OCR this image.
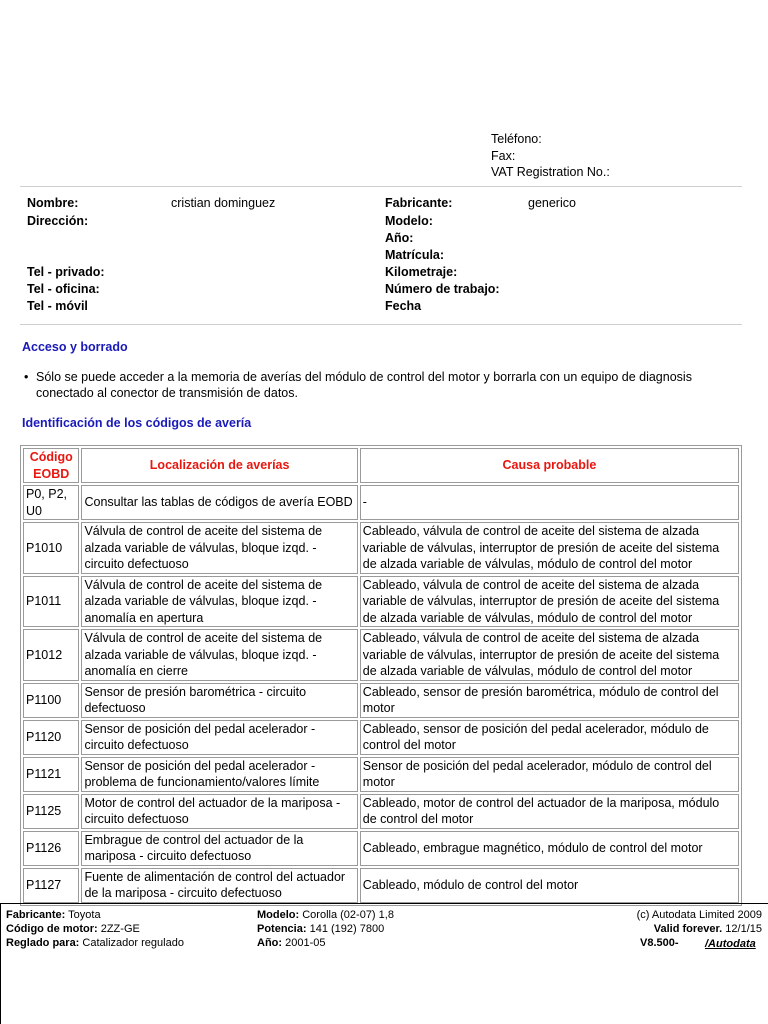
Teléfono:
Fax:
VAT Registration No.:
Nombre:	cristian dominguez
Dirección:
Tel - privado:
Tel - oficina:
Tel - móvil
Fabricante:	generico
Modelo:
Año:
Matrícula:
Kilometraje:
Número de trabajo:
Fecha
Acceso y borrado
• Sólo se puede acceder a la memoria de averías del módulo de control del motor y borrarla con un equipo de diagnosis
conectado al conector de transmisión de datos.
Identificación de los códigos de avería
Código EOBD	Localización de averías	Causa probable
P0, P2, U0	Consultar las tablas de códigos de avería EOBD	-
P1010	Válvula de control de aceite del sistema de alzada variable de válvulas, bloque izqd. - circuito defectuoso	Cableado, válvula de control de aceite del sistema de alzada variable de válvulas, interruptor de presión de aceite del sistema de alzada variable de válvulas, módulo de control del motor
P1011	Válvula de control de aceite del sistema de alzada variable de válvulas, bloque izqd. - anomalía en apertura	Cableado, válvula de control de aceite del sistema de alzada variable de válvulas, interruptor de presión de aceite del sistema de alzada variable de válvulas, módulo de control del motor
P1012	Válvula de control de aceite del sistema de alzada variable de válvulas, bloque izqd. - anomalía en cierre	Cableado, válvula de control de aceite del sistema de alzada variable de válvulas, interruptor de presión de aceite del sistema de alzada variable de válvulas, módulo de control del motor
P1100	Sensor de presión barométrica - circuito defectuoso	Cableado, sensor de presión barométrica, módulo de control del motor
P1120	Sensor de posición del pedal acelerador - circuito defectuoso	Cableado, sensor de posición del pedal acelerador, módulo de control del motor
P1121	Sensor de posición del pedal acelerador - problema de funcionamiento/valores límite	Sensor de posición del pedal acelerador, módulo de control del motor
P1125	Motor de control del actuador de la mariposa - circuito defectuoso	Cableado, motor de control del actuador de la mariposa, módulo de control del motor
P1126	Embrague de control del actuador de la mariposa - circuito defectuoso	Cableado, embrague magnético, módulo de control del motor
P1127	Fuente de alimentación de control del actuador de la mariposa - circuito defectuoso	Cableado, módulo de control del motor
Fabricante: Toyota
Código de motor: 2ZZ-GE
Reglado para: Catalizador regulado
Modelo: Corolla (02-07) 1,8
Potencia: 141 (192) 7800
Año: 2001-05
(c) Autodata Limited 2009
Valid forever. 12/1/15
V8.500- /Autodata
